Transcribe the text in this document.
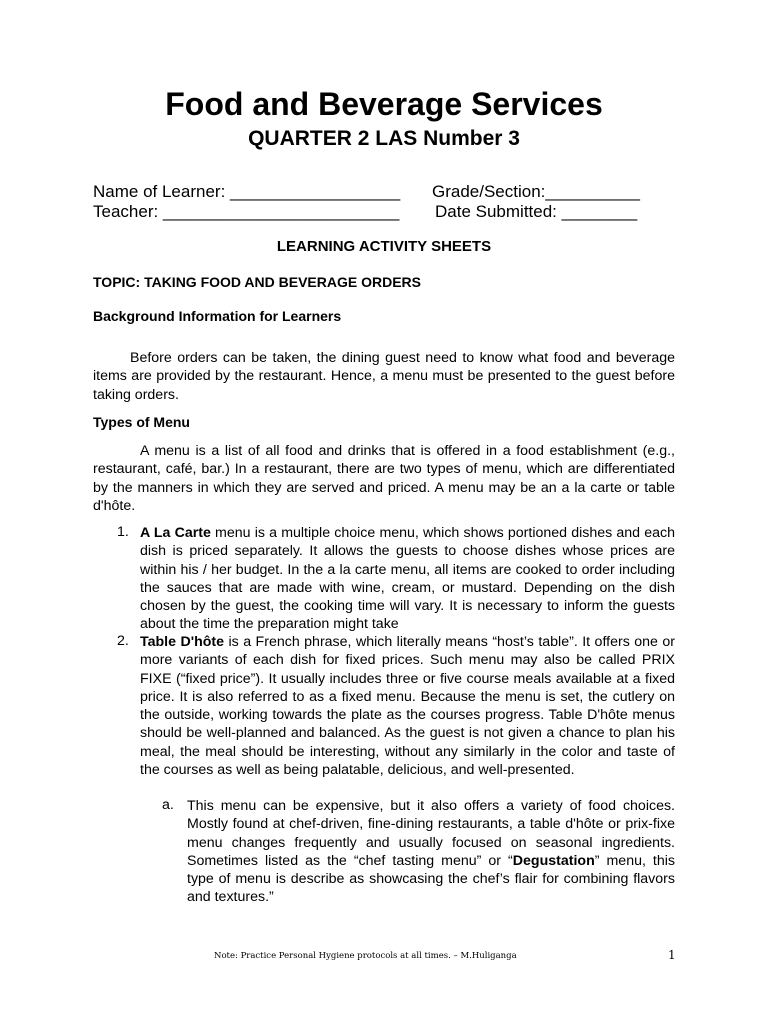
Food and Beverage Services
QUARTER 2 LAS Number 3
Name of Learner: __________________ Grade/Section:__________
Teacher: _________________________ Date Submitted: ________
LEARNING ACTIVITY SHEETS
TOPIC: TAKING FOOD AND BEVERAGE ORDERS
Background Information for Learners
Before orders can be taken, the dining guest need to know what food and beverage items are provided by the restaurant. Hence, a menu must be presented to the guest before taking orders.
Types of Menu
A menu is a list of all food and drinks that is offered in a food establishment (e.g., restaurant, café, bar.) In a restaurant, there are two types of menu, which are differentiated by the manners in which they are served and priced. A menu may be an a la carte or table d'hôte.
1. A La Carte menu is a multiple choice menu, which shows portioned dishes and each dish is priced separately. It allows the guests to choose dishes whose prices are within his / her budget. In the a la carte menu, all items are cooked to order including the sauces that are made with wine, cream, or mustard. Depending on the dish chosen by the guest, the cooking time will vary. It is necessary to inform the guests about the time the preparation might take
2. Table D'hôte is a French phrase, which literally means “host’s table”. It offers one or more variants of each dish for fixed prices. Such menu may also be called PRIX FIXE (“fixed price”). It usually includes three or five course meals available at a fixed price. It is also referred to as a fixed menu. Because the menu is set, the cutlery on the outside, working towards the plate as the courses progress. Table D'hôte menus should be well-planned and balanced. As the guest is not given a chance to plan his meal, the meal should be interesting, without any similarly in the color and taste of the courses as well as being palatable, delicious, and well-presented.
a. This menu can be expensive, but it also offers a variety of food choices. Mostly found at chef-driven, fine-dining restaurants, a table d'hôte or prix-fixe menu changes frequently and usually focused on seasonal ingredients. Sometimes listed as the “chef tasting menu” or “Degustation” menu, this type of menu is describe as showcasing the chef’s flair for combining flavors and textures.”
Note: Practice Personal Hygiene protocols at all times. – M.Huliganga	1
